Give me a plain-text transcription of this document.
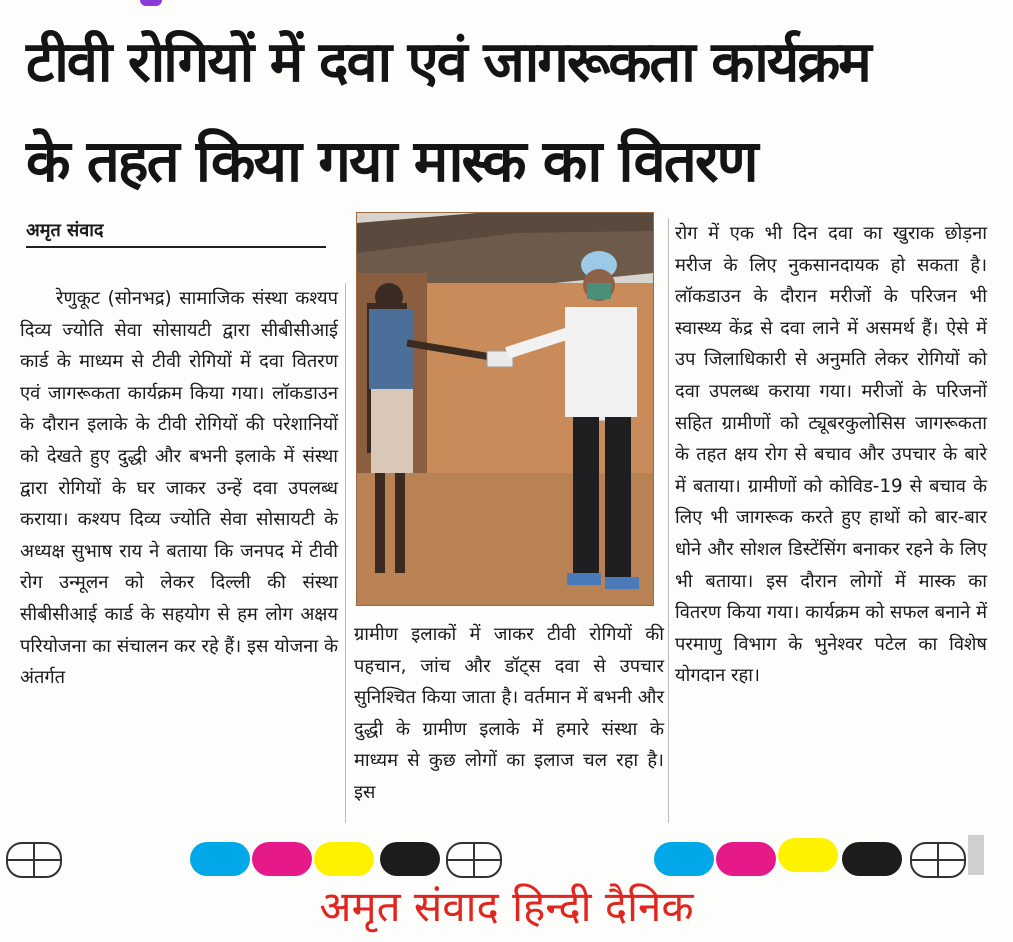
टीवी रोगियों में दवा एवं जागरूकता कार्यक्रम
के तहत किया गया मास्क का वितरण
अमृत संवाद
रेणुकूट (सोनभद्र) सामाजिक संस्था कश्यप दिव्य ज्योति सेवा सोसायटी द्वारा सीबीसीआई कार्ड के माध्यम से टीवी रोगियों में दवा वितरण एवं जागरूकता कार्यक्रम किया गया। लॉकडाउन के दौरान इलाके के टीवी रोगियों की परेशानियों को देखते हुए दुद्धी और बभनी इलाके में संस्था द्वारा रोगियों के घर जाकर उन्हें दवा उपलब्ध कराया। कश्यप दिव्य ज्योति सेवा सोसायटी के अध्यक्ष सुभाष राय ने बताया कि जनपद में टीवी रोग उन्मूलन को लेकर दिल्ली की संस्था सीबीसीआई कार्ड के सहयोग से हम लोग अक्षय परियोजना का संचालन कर रहे हैं। इस योजना के अंतर्गत
ग्रामीण इलाकों में जाकर टीवी रोगियों की पहचान, जांच और डॉट्स दवा से उपचार सुनिश्चित किया जाता है। वर्तमान में बभनी और दुद्धी के ग्रामीण इलाके में हमारे संस्था के माध्यम से कुछ लोगों का इलाज चल रहा है। इस
रोग में एक भी दिन दवा का खुराक छोड़ना मरीज के लिए नुकसानदायक हो सकता है। लॉकडाउन के दौरान मरीजों के परिजन भी स्वास्थ्य केंद्र से दवा लाने में असमर्थ हैं। ऐसे में उप जिलाधिकारी से अनुमति लेकर रोगियों को दवा उपलब्ध कराया गया। मरीजों के परिजनों सहित ग्रामीणों को ट्यूबरकुलोसिस जागरूकता के तहत क्षय रोग से बचाव और उपचार के बारे में बताया। ग्रामीणों को कोविड-19 से बचाव के लिए भी जागरूक करते हुए हाथों को बार-बार धोने और सोशल डिस्टेंसिंग बनाकर रहने के लिए भी बताया। इस दौरान लोगों में मास्क का वितरण किया गया। कार्यक्रम को सफल बनाने में परमाणु विभाग के भुनेश्वर पटेल का विशेष योगदान रहा।
अमृत संवाद हिन्दी दैनिक
